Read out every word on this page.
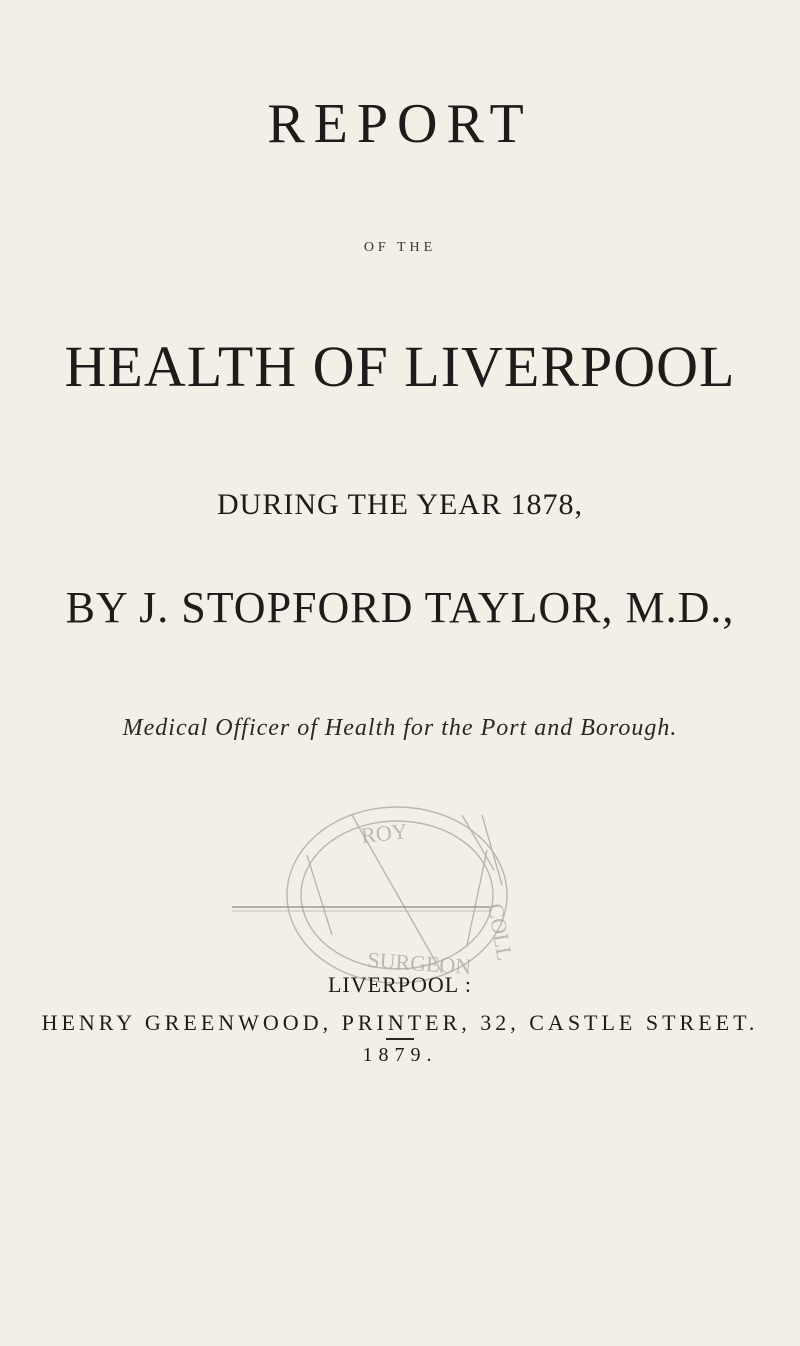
REPORT
OF THE
HEALTH OF LIVERPOOL
DURING THE YEAR 1878,
BY J. STOPFORD TAYLOR, M.D.,
Medical Officer of Health for the Port and Borough.
ROY
SURGEON
COLL
LIVERPOOL :
HENRY GREENWOOD, PRINTER, 32, CASTLE STREET.
1879.
